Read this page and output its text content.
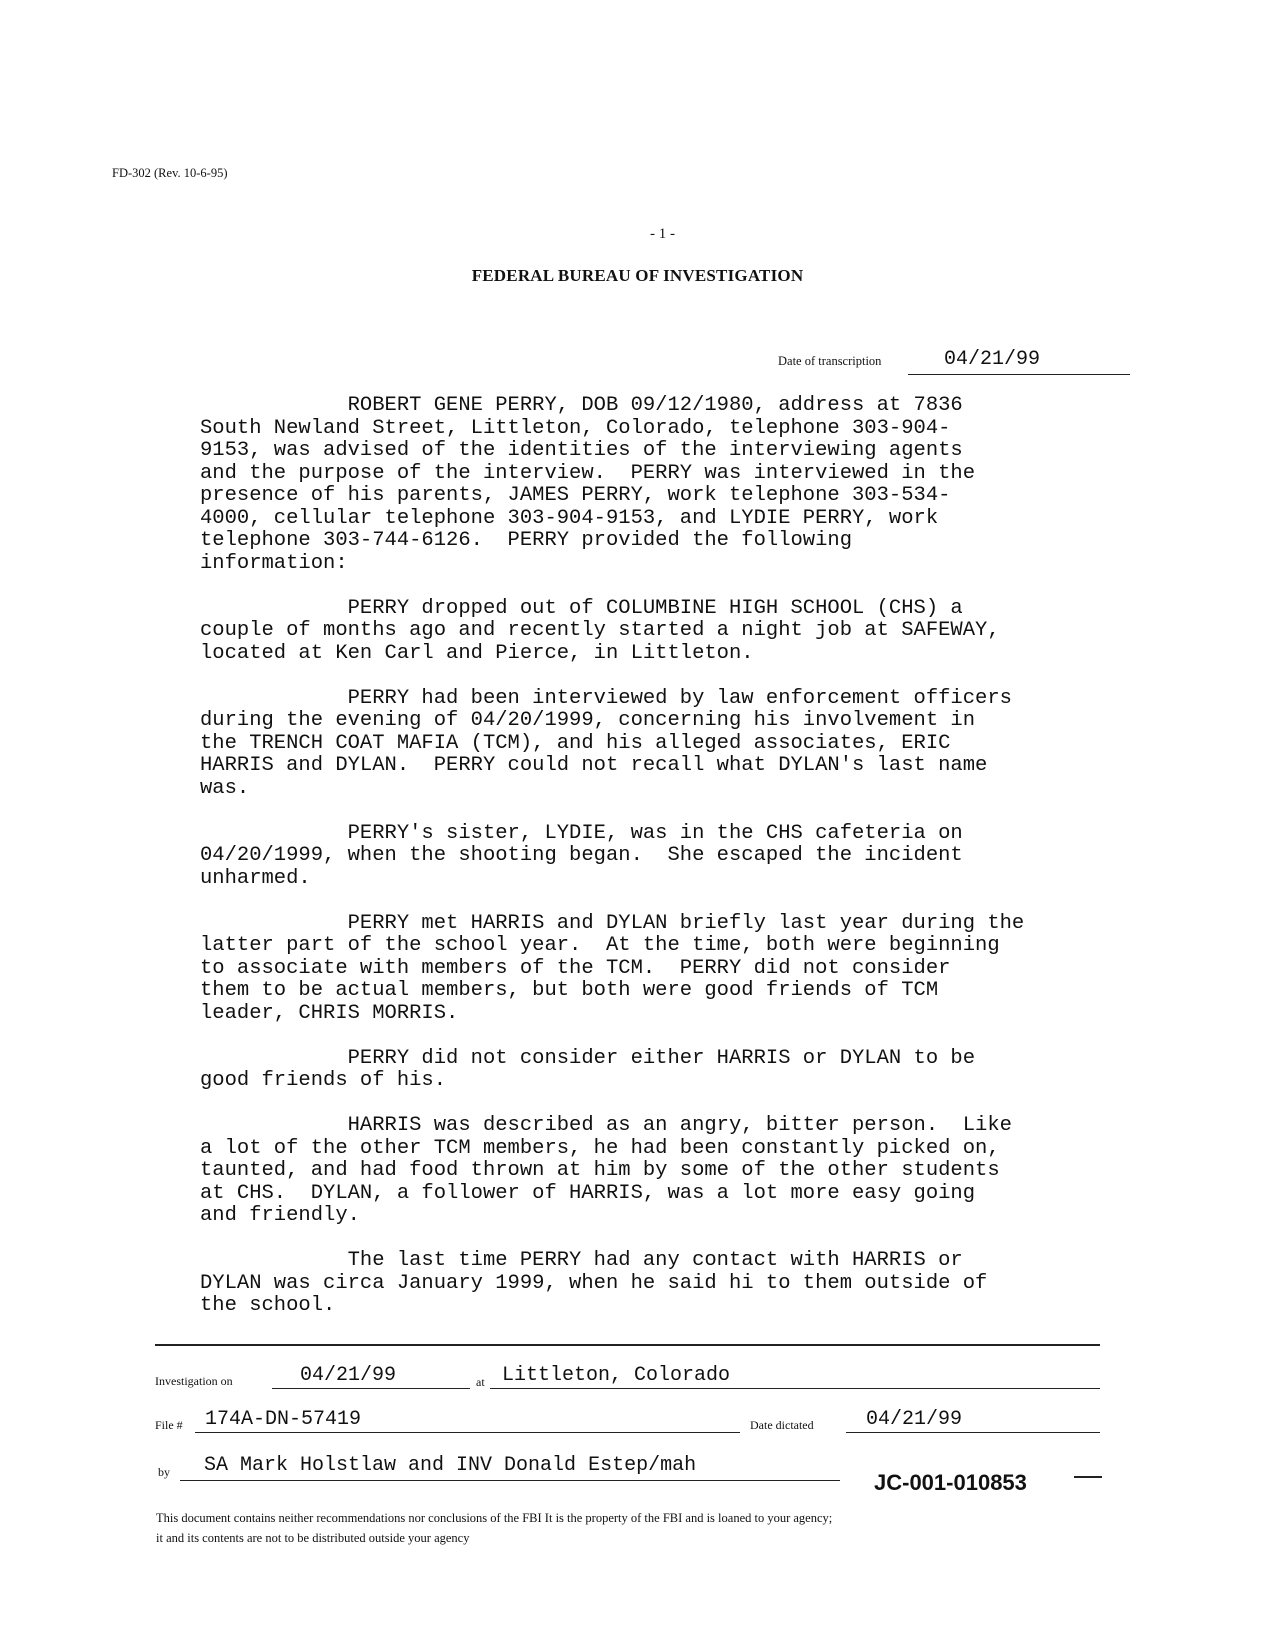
FD-302 (Rev. 10-6-95)
- 1 -
FEDERAL BUREAU OF INVESTIGATION
Date of transcription	04/21/99

ROBERT GENE PERRY, DOB 09/12/1980, address at 7836
South Newland Street, Littleton, Colorado, telephone 303-904-
9153, was advised of the identities of the interviewing agents
and the purpose of the interview.  PERRY was interviewed in the
presence of his parents, JAMES PERRY, work telephone 303-534-
4000, cellular telephone 303-904-9153, and LYDIE PERRY, work
telephone 303-744-6126.  PERRY provided the following
information:

PERRY dropped out of COLUMBINE HIGH SCHOOL (CHS) a
couple of months ago and recently started a night job at SAFEWAY,
located at Ken Carl and Pierce, in Littleton.

PERRY had been interviewed by law enforcement officers
during the evening of 04/20/1999, concerning his involvement in
the TRENCH COAT MAFIA (TCM), and his alleged associates, ERIC
HARRIS and DYLAN.  PERRY could not recall what DYLAN's last name
was.

PERRY's sister, LYDIE, was in the CHS cafeteria on
04/20/1999, when the shooting began.  She escaped the incident
unharmed.

PERRY met HARRIS and DYLAN briefly last year during the
latter part of the school year.  At the time, both were beginning
to associate with members of the TCM.  PERRY did not consider
them to be actual members, but both were good friends of TCM
leader, CHRIS MORRIS.

PERRY did not consider either HARRIS or DYLAN to be
good friends of his.

HARRIS was described as an angry, bitter person.  Like
a lot of the other TCM members, he had been constantly picked on,
taunted, and had food thrown at him by some of the other students
at CHS.  DYLAN, a follower of HARRIS, was a lot more easy going
and friendly.

The last time PERRY had any contact with HARRIS or
DYLAN was circa January 1999, when he said hi to them outside of
the school.

Investigation on	04/21/99	at Littleton, Colorado
File # 174A-DN-57419	Date dictated	04/21/99
by SA Mark Holstlaw and INV Donald Estep/mah
JC-001-010853
This document contains neither recommendations nor conclusions of the FBI It is the property of the FBI and is loaned to your agency;
it and its contents are not to be distributed outside your agency
